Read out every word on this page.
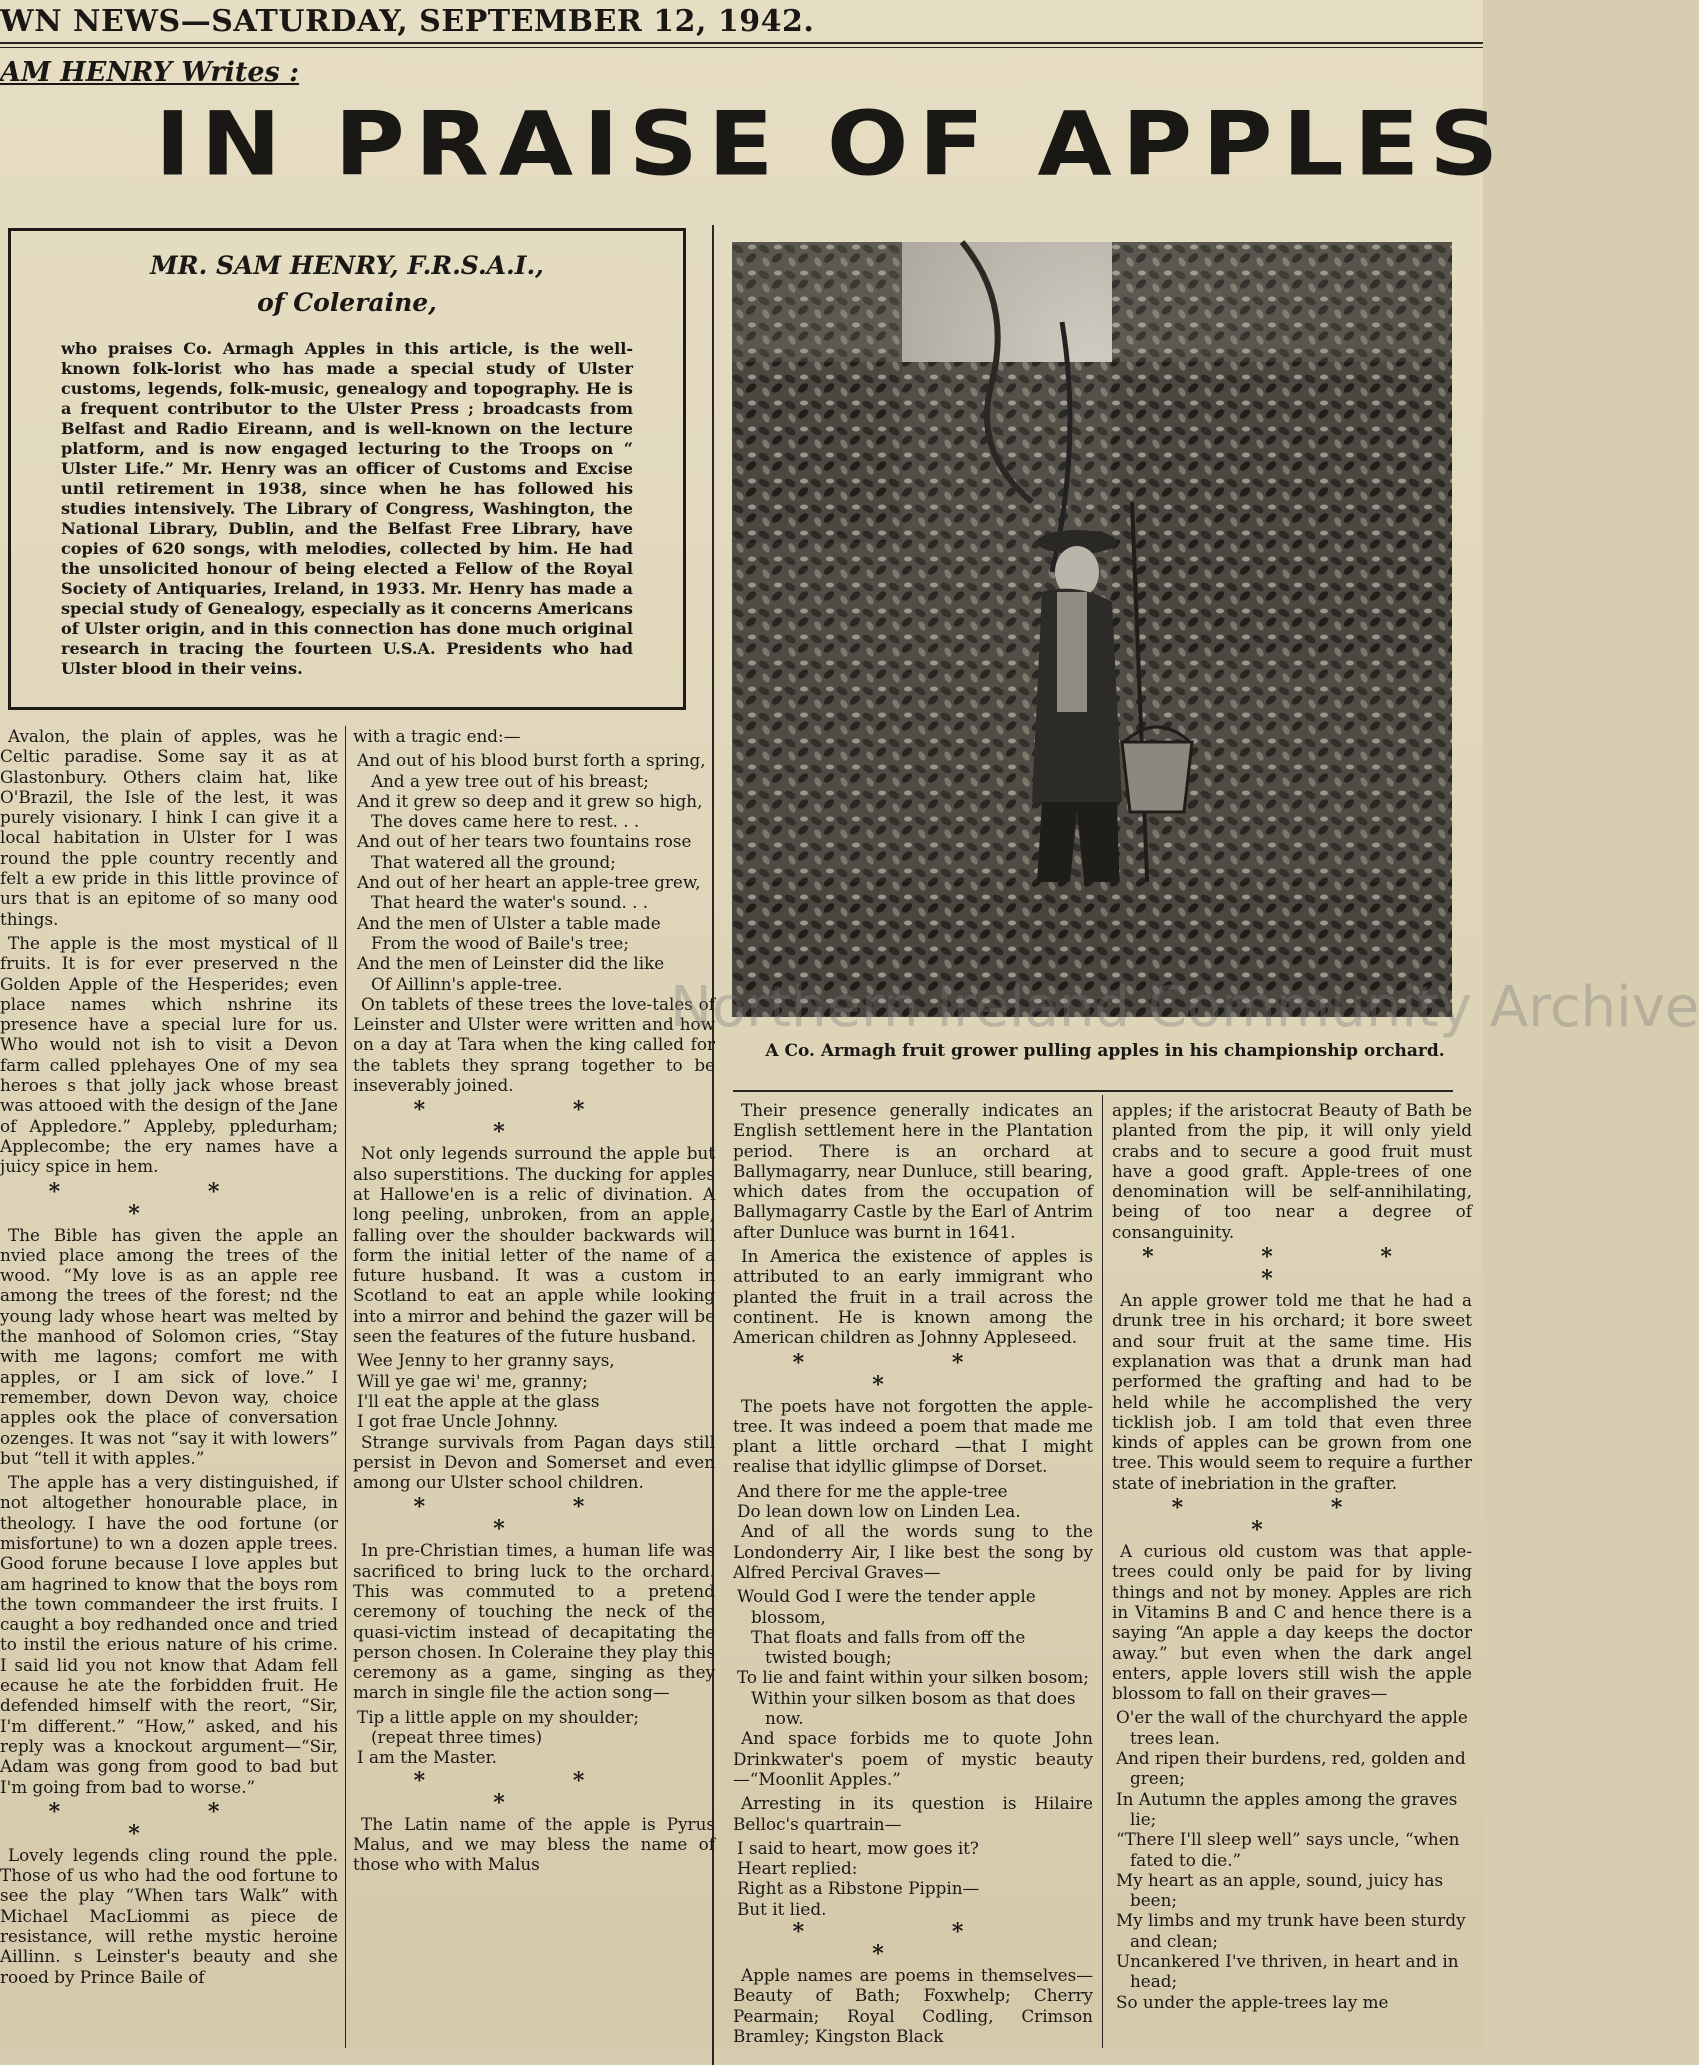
WN NEWS—SATURDAY, SEPTEMBER 12, 1942.
AM HENRY Writes :
IN PRAISE OF APPLES
MR. SAM HENRY, F.R.S.A.I.,
of Coleraine,
who praises Co. Armagh Apples in this article, is the well-known folk-lorist who has made a special study of Ulster customs, legends, folk-music, genealogy and topography. He is a frequent contributor to the Ulster Press ; broadcasts from Belfast and Radio Eireann, and is well-known on the lecture platform, and is now engaged lecturing to the Troops on “ Ulster Life.” Mr. Henry was an officer of Customs and Excise until retirement in 1938, since when he has followed his studies intensively. The Library of Congress, Washington, the National Library, Dublin, and the Belfast Free Library, have copies of 620 songs, with melodies, collected by him. He had the unsolicited honour of being elected a Fellow of the Royal Society of Antiquaries, Ireland, in 1933. Mr. Henry has made a special study of Genealogy, especially as it concerns Americans of Ulster origin, and in this connection has done much original research in tracing the fourteen U.S.A. Presidents who had Ulster blood in their veins.
A Co. Armagh fruit grower pulling apples in his championship orchard.

Avalon, the plain of apples, was he Celtic paradise. Some say it as at Glastonbury. Others claim hat, like O'Brazil, the Isle of the lest, it was purely visionary. I hink I can give it a local habitation in Ulster for I was round the pple country recently and felt a ew pride in this little province of urs that is an epitome of so many ood things.

The apple is the most mystical of ll fruits. It is for ever preserved n the Golden Apple of the Hesperides; even place names which nshrine its presence have a special lure for us. Who would not ish to visit a Devon farm called pplehayes One of my sea heroes s that jolly jack whose breast was attooed with the design of the Jane of Appledore.” Appleby, ppledurham; Applecombe; the ery names have a juicy spice in hem.

* * *

The Bible has given the apple an nvied place among the trees of the wood. “My love is as an apple ree among the trees of the forest; nd the young lady whose heart was melted by the manhood of Solomon cries, “Stay with me lagons; comfort me with apples, or I am sick of love.” I remember, down Devon way, choice apples ook the place of conversation ozenges. It was not “say it with lowers” but “tell it with apples.”

The apple has a very distinguished, if not altogether honourable place, in theology. I have the ood fortune (or misfortune) to wn a dozen apple trees. Good forune because I love apples but am hagrined to know that the boys rom the town commandeer the irst fruits. I caught a boy redhanded once and tried to instil the erious nature of his crime. I said lid you not know that Adam fell ecause he ate the forbidden fruit. He defended himself with the reort, “Sir, I'm different.” “How,” asked, and his reply was a knockout argument—“Sir, Adam was gong from good to bad but I'm going from bad to worse.”

* * *

Lovely legends cling round the pple. Those of us who had the ood fortune to see the play “When tars Walk” with Michael MacLiommi as piece de resistance, will rethe mystic heroine Aillinn. s Leinster's beauty and she rooed by Prince Baile of

with a tragic end:—

And out of his blood burst forth a spring,
And a yew tree out of his breast;
And it grew so deep and it grew so high,
The doves came here to rest. . .
And out of her tears two fountains rose
That watered all the ground;
And out of her heart an apple-tree grew,
That heard the water's sound. . .
And the men of Ulster a table made
From the wood of Baile's tree;
And the men of Leinster did the like
Of Aillinn's apple-tree.

On tablets of these trees the love-tales of Leinster and Ulster were written and how on a day at Tara when the king called for the tablets they sprang together to be inseverably joined.

* * *

Not only legends surround the apple but also superstitions. The ducking for apples at Hallowe'en is a relic of divination. A long peeling, unbroken, from an apple, falling over the shoulder backwards will form the initial letter of the name of a future husband. It was a custom in Scotland to eat an apple while looking into a mirror and behind the gazer will be seen the features of the future husband.

Wee Jenny to her granny says,
Will ye gae wi' me, granny;
I'll eat the apple at the glass
I got frae Uncle Johnny.

Strange survivals from Pagan days still persist in Devon and Somerset and even among our Ulster school children.

* * *

In pre-Christian times, a human life was sacrificed to bring luck to the orchard. This was commuted to a pretend ceremony of touching the neck of the quasi-victim instead of decapitating the person chosen. In Coleraine they play this ceremony as a game, singing as they march in single file the action song—

Tip a little apple on my shoulder;
(repeat three times)
I am the Master.
* * *

The Latin name of the apple is Pyrus Malus, and we may bless the name of those who with Malus

Their presence generally indicates an English settlement here in the Plantation period. There is an orchard at Ballymagarry, near Dunluce, still bearing, which dates from the occupation of Ballymagarry Castle by the Earl of Antrim after Dunluce was burnt in 1641.

In America the existence of apples is attributed to an early immigrant who planted the fruit in a trail across the continent. He is known among the American children as Johnny Appleseed.

* * *

The poets have not forgotten the apple-tree. It was indeed a poem that made me plant a little orchard —that I might realise that idyllic glimpse of Dorset.

And there for me the apple-tree
Do lean down low on Linden Lea.

And of all the words sung to the Londonderry Air, I like best the song by Alfred Percival Graves—

Would God I were the tender apple blossom,
That floats and falls from off the twisted bough;
To lie and faint within your silken bosom;
Within your silken bosom as that does now.

And space forbids me to quote John Drinkwater's poem of mystic beauty —“Moonlit Apples.”

Arresting in its question is Hilaire Belloc's quartrain—

I said to heart, mow goes it?
Heart replied:
Right as a Ribstone Pippin—
But it lied.
* * *

Apple names are poems in themselves—Beauty of Bath; Foxwhelp; Cherry Pearmain; Royal Codling, Crimson Bramley; Kingston Black

apples; if the aristocrat Beauty of Bath be planted from the pip, it will only yield crabs and to secure a good fruit must have a good graft. Apple-trees of one denomination will be self-annihilating, being of too near a degree of consanguinity.

* * * *

An apple grower told me that he had a drunk tree in his orchard; it bore sweet and sour fruit at the same time. His explanation was that a drunk man had performed the grafting and had to be held while he accomplished the very ticklish job. I am told that even three kinds of apples can be grown from one tree. This would seem to require a further state of inebriation in the grafter.

* * *

A curious old custom was that apple-trees could only be paid for by living things and not by money. Apples are rich in Vitamins B and C and hence there is a saying “An apple a day keeps the doctor away.” but even when the dark angel enters, apple lovers still wish the apple blossom to fall on their graves—

O'er the wall of the churchyard the apple trees lean.
And ripen their burdens, red, golden and green;
In Autumn the apples among the graves lie;
“There I'll sleep well” says uncle, “when fated to die.”
My heart as an apple, sound, juicy has been;
My limbs and my trunk have been sturdy and clean;
Uncankered I've thriven, in heart and in head;
So under the apple-trees lay me
Northern Ireland Community Archive
